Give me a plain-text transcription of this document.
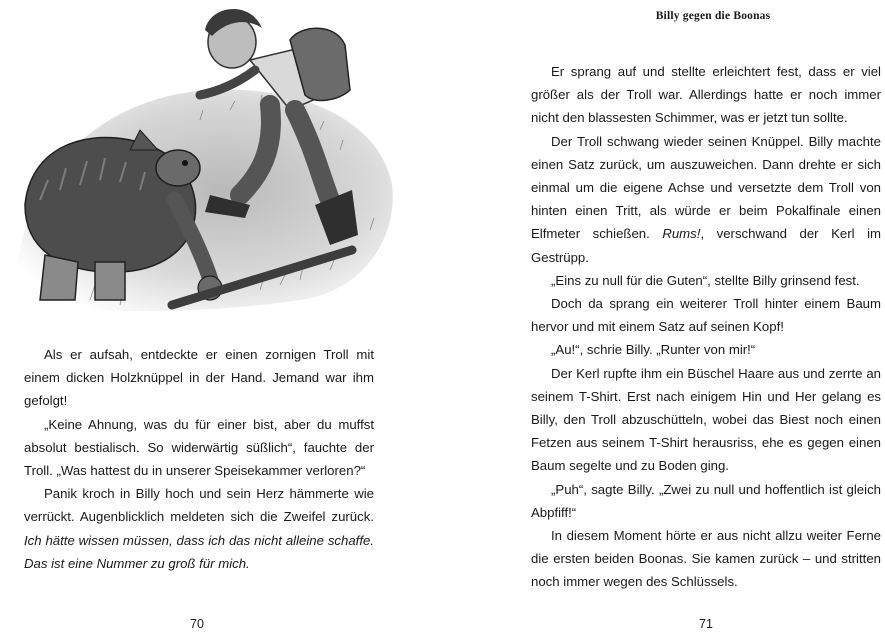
Als er aufsah, entdeckte er einen zornigen Troll mit einem dicken Holzknüppel in der Hand. Jemand war ihm gefolgt!

„Keine Ahnung, was du für einer bist, aber du muffst absolut bestialisch. So widerwärtig süßlich“, fauchte der Troll. „Was hattest du in unserer Speisekammer verloren?“

Panik kroch in Billy hoch und sein Herz hämmerte wie verrückt. Augenblicklich meldeten sich die Zweifel zurück. Ich hätte wissen müssen, dass ich das nicht alleine schaffe. Das ist eine Nummer zu groß für mich.

70
Billy gegen die Boonas

Er sprang auf und stellte erleichtert fest, dass er viel größer als der Troll war. Allerdings hatte er noch immer nicht den blassesten Schimmer, was er jetzt tun sollte.

Der Troll schwang wieder seinen Knüppel. Billy machte einen Satz zurück, um auszuweichen. Dann drehte er sich einmal um die eigene Achse und versetzte dem Troll von hinten einen Tritt, als würde er beim Pokalfinale einen Elfmeter schießen. Rums!, verschwand der Kerl im Gestrüpp.

„Eins zu null für die Guten“, stellte Billy grinsend fest.

Doch da sprang ein weiterer Troll hinter einem Baum hervor und mit einem Satz auf seinen Kopf!

„Au!“, schrie Billy. „Runter von mir!“

Der Kerl rupfte ihm ein Büschel Haare aus und zerrte an seinem T-Shirt. Erst nach einigem Hin und Her gelang es Billy, den Troll abzuschütteln, wobei das Biest noch einen Fetzen aus seinem T-Shirt herausriss, ehe es gegen einen Baum segelte und zu Boden ging.

„Puh“, sagte Billy. „Zwei zu null und hoffentlich ist gleich Abpfiff!“

In diesem Moment hörte er aus nicht allzu weiter Ferne die ersten beiden Boonas. Sie kamen zurück – und stritten noch immer wegen des Schlüssels.

71
